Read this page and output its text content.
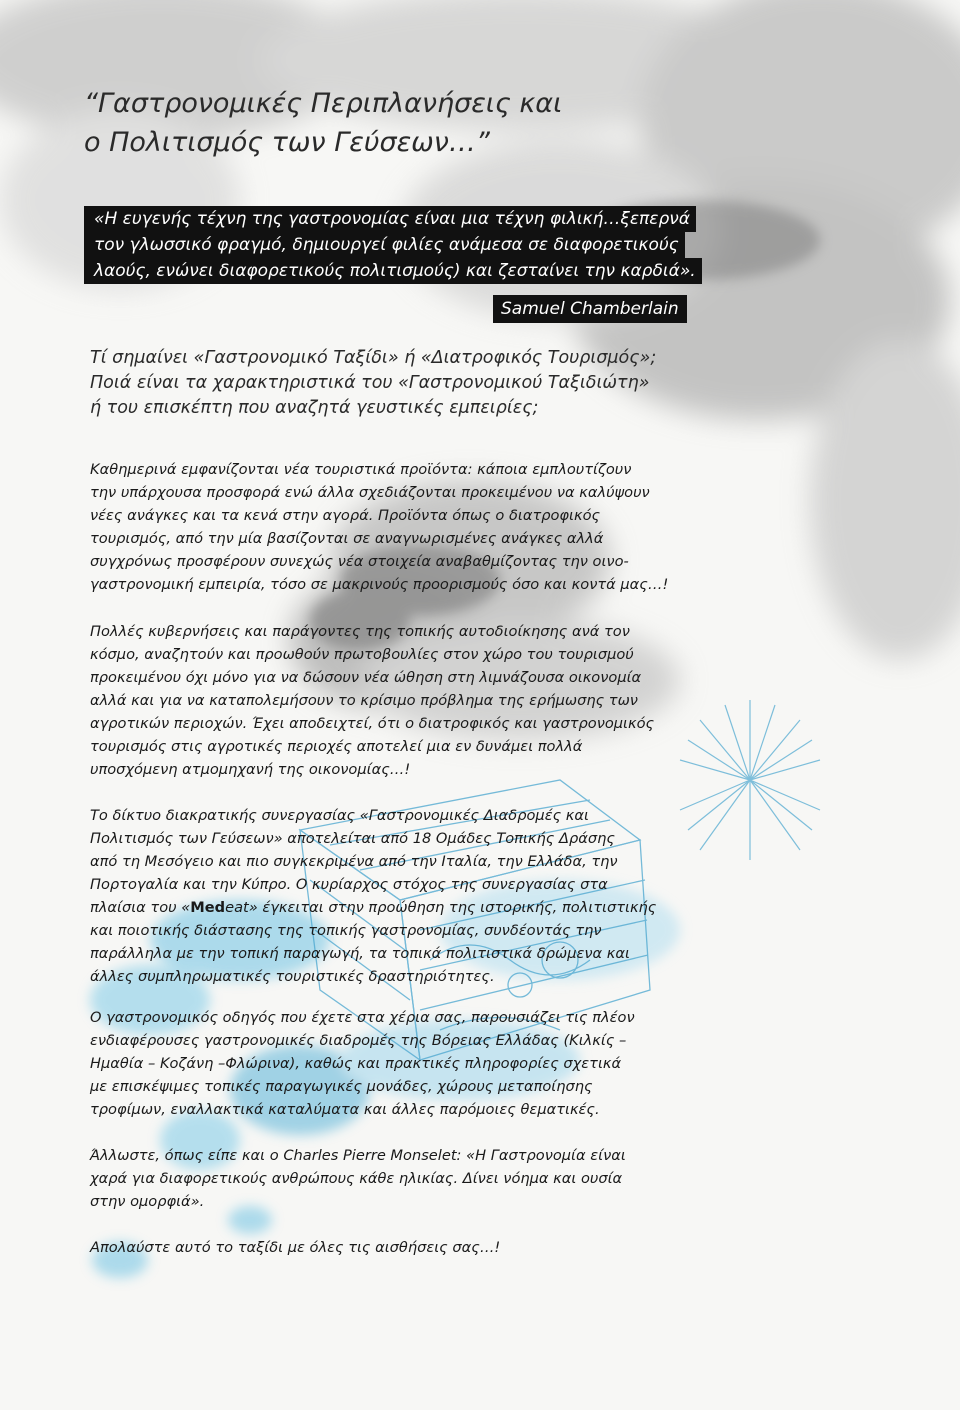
“Γαστρονομικές Περιπλανήσεις και
ο Πολιτισμός των Γεύσεων…”
«Η ευγενής τέχνη της γαστρονομίας είναι μια τέχνη φιλική…ξεπερνά
τον γλωσσικό φραγμό, δημιουργεί φιλίες ανάμεσα σε διαφορετικούς
λαούς, ενώνει διαφορετικούς πολιτισμούς) και ζεσταίνει την καρδιά».
Samuel Chamberlain
Τί σημαίνει «Γαστρονομικό Ταξίδι» ή «Διατροφικός Τουρισμός»;
Ποιά είναι τα χαρακτηριστικά του «Γαστρονομικού Ταξιδιώτη»
ή του επισκέπτη που αναζητά γευστικές εμπειρίες;
Καθημερινά εμφανίζονται νέα τουριστικά προϊόντα: κάποια εμπλουτίζουν
την υπάρχουσα προσφορά ενώ άλλα σχεδιάζονται προκειμένου να καλύψουν
νέες ανάγκες και τα κενά στην αγορά. Προϊόντα όπως ο διατροφικός
τουρισμός, από την μία βασίζονται σε αναγνωρισμένες ανάγκες αλλά
συγχρόνως προσφέρουν συνεχώς νέα στοιχεία αναβαθμίζοντας την οινο-
γαστρονομική εμπειρία, τόσο σε μακρινούς προορισμούς όσο και κοντά μας…!
Πολλές κυβερνήσεις και παράγοντες της τοπικής αυτοδιοίκησης ανά τον
κόσμο, αναζητούν και προωθούν πρωτοβουλίες στον χώρο του τουρισμού
προκειμένου όχι μόνο για να δώσουν νέα ώθηση στη λιμνάζουσα οικονομία
αλλά και για να καταπολεμήσουν το κρίσιμο πρόβλημα της ερήμωσης των
αγροτικών περιοχών. Έχει αποδειχτεί, ότι ο διατροφικός και γαστρονομικός
τουρισμός στις αγροτικές περιοχές αποτελεί μια εν δυνάμει πολλά
υποσχόμενη ατμομηχανή της οικονομίας…!
Το δίκτυο διακρατικής συνεργασίας «Γαστρονομικές Διαδρομές και
Πολιτισμός των Γεύσεων» αποτελείται από 18 Ομάδες Τοπικής Δράσης
από τη Μεσόγειο και πιο συγκεκριμένα από την Ιταλία, την Ελλάδα, την
Πορτογαλία και την Κύπρο. Ο κυρίαρχος στόχος της συνεργασίας στα
πλαίσια του «Medeat» έγκειται στην προώθηση της ιστορικής, πολιτιστικής
και ποιοτικής διάστασης της τοπικής γαστρονομίας, συνδέοντάς την
παράλληλα με την τοπική παραγωγή, τα τοπικά πολιτιστικά δρώμενα και
άλλες συμπληρωματικές τουριστικές δραστηριότητες.
Ο γαστρονομικός οδηγός που έχετε στα χέρια σας, παρουσιάζει τις πλέον
ενδιαφέρουσες γαστρονομικές διαδρομές της Βόρειας Ελλάδας (Κιλκίς –
Ημαθία – Κοζάνη –Φλώρινα), καθώς και πρακτικές πληροφορίες σχετικά
με επισκέψιμες τοπικές παραγωγικές μονάδες, χώρους μεταποίησης
τροφίμων, εναλλακτικά καταλύματα και άλλες παρόμοιες θεματικές.
Άλλωστε, όπως είπε και ο Charles Pierre Monselet: «Η Γαστρονομία είναι
χαρά για διαφορετικούς ανθρώπους κάθε ηλικίας. Δίνει νόημα και ουσία
στην ομορφιά».
Απολαύστε αυτό το ταξίδι με όλες τις αισθήσεις σας…!
